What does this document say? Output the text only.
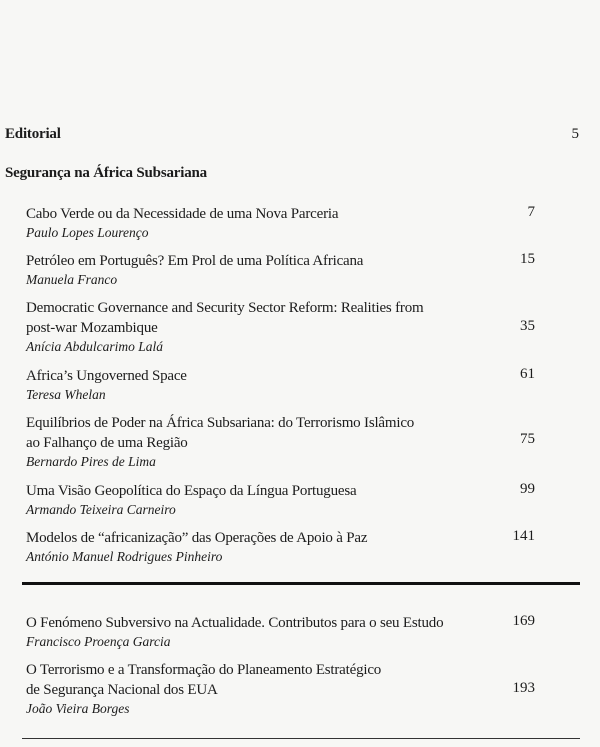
Editorial	5
Segurança na África Subsariana
Cabo Verde ou da Necessidade de uma Nova Parceria
Paulo Lopes Lourenço
7
Petróleo em Português? Em Prol de uma Política Africana
Manuela Franco
15
Democratic Governance and Security Sector Reform: Realities from
post-war Mozambique
Anícia Abdulcarimo Lalá
35
Africa’s Ungoverned Space
Teresa Whelan
61
Equilíbrios de Poder na África Subsariana: do Terrorismo Islâmico
ao Falhanço de uma Região
Bernardo Pires de Lima
75
Uma Visão Geopolítica do Espaço da Língua Portuguesa
Armando Teixeira Carneiro
99
Modelos de “africanização” das Operações de Apoio à Paz
António Manuel Rodrigues Pinheiro
141
O Fenómeno Subversivo na Actualidade. Contributos para o seu Estudo
Francisco Proença Garcia
169
O Terrorismo e a Transformação do Planeamento Estratégico
de Segurança Nacional dos EUA
João Vieira Borges
193
